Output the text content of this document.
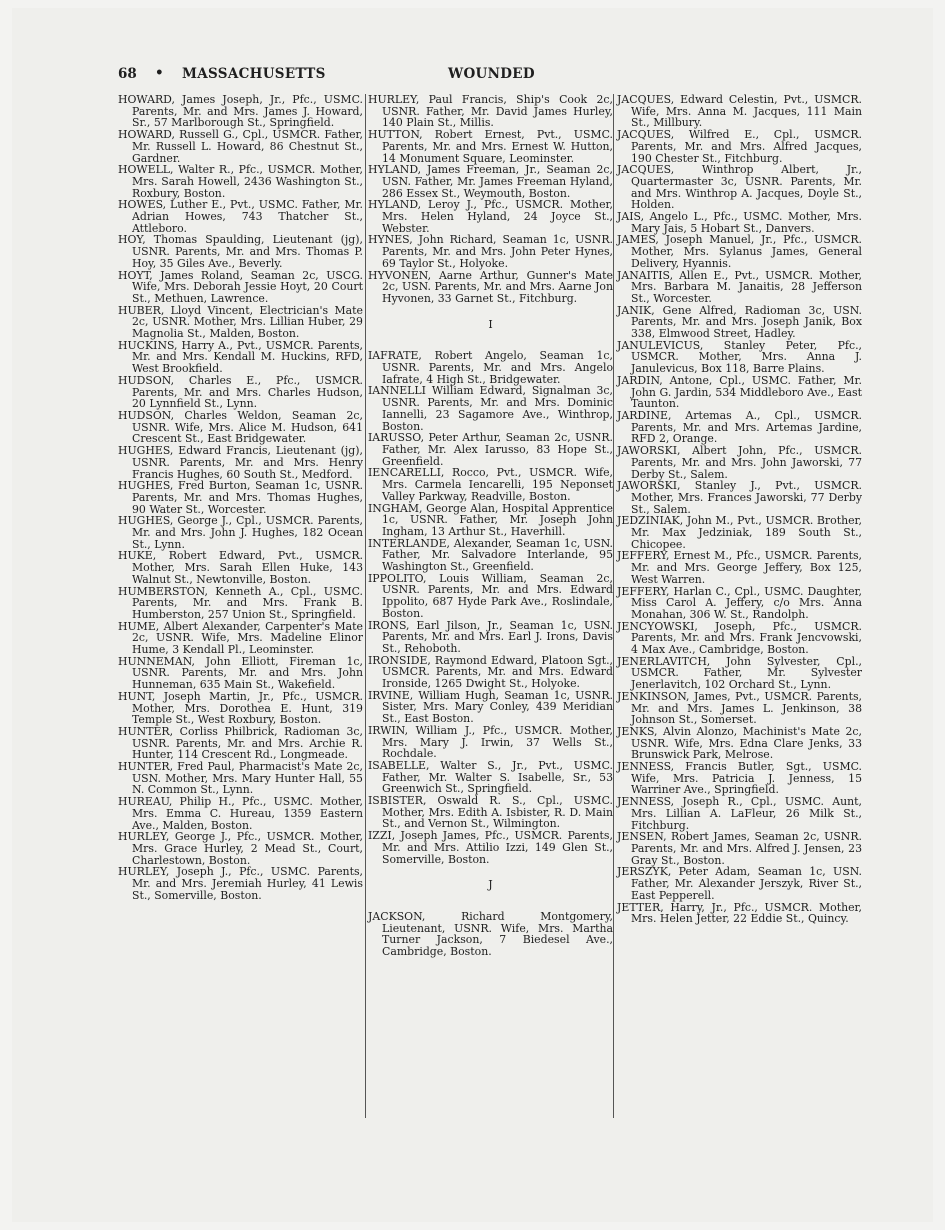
68 • MASSACHUSETTS	WOUNDED

HOWARD, James Joseph, Jr., Pfc., USMC. Parents, Mr. and Mrs. James J. Howard, Sr., 57 Marlborough St., Springfield.

HOWARD, Russell G., Cpl., USMCR. Father, Mr. Russell L. Howard, 86 Chestnut St., Gardner.

HOWELL, Walter R., Pfc., USMCR. Mother, Mrs. Sarah Howell, 2436 Washington St., Roxbury, Boston.

HOWES, Luther E., Pvt., USMC. Father, Mr. Adrian Howes, 743 Thatcher St., Attleboro.

HOY, Thomas Spaulding, Lieutenant (jg), USNR. Parents, Mr. and Mrs. Thomas P. Hoy, 35 Giles Ave., Beverly.

HOYT, James Roland, Seaman 2c, USCG. Wife, Mrs. Deborah Jessie Hoyt, 20 Court St., Methuen, Lawrence.

HUBER, Lloyd Vincent, Electrician's Mate 2c, USNR. Mother, Mrs. Lillian Huber, 29 Magnolia St., Malden, Boston.

HUCKINS, Harry A., Pvt., USMCR. Parents, Mr. and Mrs. Kendall M. Huckins, RFD, West Brookfield.

HUDSON, Charles E., Pfc., USMCR. Parents, Mr. and Mrs. Charles Hudson, 20 Lynnfield St., Lynn.

HUDSON, Charles Weldon, Seaman 2c, USNR. Wife, Mrs. Alice M. Hudson, 641 Crescent St., East Bridgewater.

HUGHES, Edward Francis, Lieutenant (jg), USNR. Parents, Mr. and Mrs. Henry Francis Hughes, 60 South St., Medford.

HUGHES, Fred Burton, Seaman 1c, USNR. Parents, Mr. and Mrs. Thomas Hughes, 90 Water St., Worcester.

HUGHES, George J., Cpl., USMCR. Parents, Mr. and Mrs. John J. Hughes, 182 Ocean St., Lynn.

HUKE, Robert Edward, Pvt., USMCR. Mother, Mrs. Sarah Ellen Huke, 143 Walnut St., Newtonville, Boston.

HUMBERSTON, Kenneth A., Cpl., USMC. Parents, Mr. and Mrs. Frank B. Humberston, 257 Union St., Springfield.

HUME, Albert Alexander, Carpenter's Mate 2c, USNR. Wife, Mrs. Madeline Elinor Hume, 3 Kendall Pl., Leominster.

HUNNEMAN, John Elliott, Fireman 1c, USNR. Parents, Mr. and Mrs. John Hunneman, 635 Main St., Wakefield.

HUNT, Joseph Martin, Jr., Pfc., USMCR. Mother, Mrs. Dorothea E. Hunt, 319 Temple St., West Roxbury, Boston.

HUNTER, Corliss Philbrick, Radioman 3c, USNR. Parents, Mr. and Mrs. Archie R. Hunter, 114 Crescent Rd., Longmeade.

HUNTER, Fred Paul, Pharmacist's Mate 2c, USN. Mother, Mrs. Mary Hunter Hall, 55 N. Common St., Lynn.

HUREAU, Philip H., Pfc., USMC. Mother, Mrs. Emma C. Hureau, 1359 Eastern Ave., Malden, Boston.

HURLEY, George J., Pfc., USMCR. Mother, Mrs. Grace Hurley, 2 Mead St., Court, Charlestown, Boston.

HURLEY, Joseph J., Pfc., USMC. Parents, Mr. and Mrs. Jeremiah Hurley, 41 Lewis St., Somerville, Boston.

HURLEY, Paul Francis, Ship's Cook 2c, USNR. Father, Mr. David James Hurley, 140 Plain St., Millis.

HUTTON, Robert Ernest, Pvt., USMC. Parents, Mr. and Mrs. Ernest W. Hutton, 14 Monument Square, Leominster.

HYLAND, James Freeman, Jr., Seaman 2c, USN. Father, Mr. James Freeman Hyland, 286 Essex St., Weymouth, Boston.

HYLAND, Leroy J., Pfc., USMCR. Mother, Mrs. Helen Hyland, 24 Joyce St., Webster.

HYNES, John Richard, Seaman 1c, USNR. Parents, Mr. and Mrs. John Peter Hynes, 69 Taylor St., Holyoke.

HYVONEN, Aarne Arthur, Gunner's Mate 2c, USN. Parents, Mr. and Mrs. Aarne Jon Hyvonen, 33 Garnet St., Fitchburg.

I

IAFRATE, Robert Angelo, Seaman 1c, USNR. Parents, Mr. and Mrs. Angelo Iafrate, 4 High St., Bridgewater.

IANNELLI William Edward, Signalman 3c, USNR. Parents, Mr. and Mrs. Dominic Iannelli, 23 Sagamore Ave., Winthrop, Boston.

IARUSSO, Peter Arthur, Seaman 2c, USNR. Father, Mr. Alex Iarusso, 83 Hope St., Greenfield.

IENCARELLI, Rocco, Pvt., USMCR. Wife, Mrs. Carmela Iencarelli, 195 Neponset Valley Parkway, Readville, Boston.

INGHAM, George Alan, Hospital Apprentice 1c, USNR. Father, Mr. Joseph John Ingham, 13 Arthur St., Haverhill.

INTERLANDE, Alexander, Seaman 1c, USN. Father, Mr. Salvadore Interlande, 95 Washington St., Greenfield.

IPPOLITO, Louis William, Seaman 2c, USNR. Parents, Mr. and Mrs. Edward Ippolito, 687 Hyde Park Ave., Roslindale, Boston.

IRONS, Earl Jilson, Jr., Seaman 1c, USN. Parents, Mr. and Mrs. Earl J. Irons, Davis St., Rehoboth.

IRONSIDE, Raymond Edward, Platoon Sgt., USMCR. Parents, Mr. and Mrs. Edward Ironside, 1265 Dwight St., Holyoke.

IRVINE, William Hugh, Seaman 1c, USNR. Sister, Mrs. Mary Conley, 439 Meridian St., East Boston.

IRWIN, William J., Pfc., USMCR. Mother, Mrs. Mary J. Irwin, 37 Wells St., Rochdale.

ISABELLE, Walter S., Jr., Pvt., USMC. Father, Mr. Walter S. Isabelle, Sr., 53 Greenwich St., Springfield.

ISBISTER, Oswald R. S., Cpl., USMC. Mother, Mrs. Edith A. Isbister, R. D. Main St., and Vernon St., Wilmington.

IZZI, Joseph James, Pfc., USMCR. Parents, Mr. and Mrs. Attilio Izzi, 149 Glen St., Somerville, Boston.

J

JACKSON, Richard Montgomery, Lieutenant, USNR. Wife, Mrs. Martha Turner Jackson, 7 Biedesel Ave., Cambridge, Boston.

JACQUES, Edward Celestin, Pvt., USMCR. Wife, Mrs. Anna M. Jacques, 111 Main St., Millbury.

JACQUES, Wilfred E., Cpl., USMCR. Parents, Mr. and Mrs. Alfred Jacques, 190 Chester St., Fitchburg.

JACQUES, Winthrop Albert, Jr., Quartermaster 3c, USNR. Parents, Mr. and Mrs. Winthrop A. Jacques, Doyle St., Holden.

JAIS, Angelo L., Pfc., USMC. Mother, Mrs. Mary Jais, 5 Hobart St., Danvers.

JAMES, Joseph Manuel, Jr., Pfc., USMCR. Mother, Mrs. Sylanus James, General Delivery, Hyannis.

JANAITIS, Allen E., Pvt., USMCR. Mother, Mrs. Barbara M. Janaitis, 28 Jefferson St., Worcester.

JANIK, Gene Alfred, Radioman 3c, USN. Parents, Mr. and Mrs. Joseph Janik, Box 338, Elmwood Street, Hadley.

JANULEVICUS, Stanley Peter, Pfc., USMCR. Mother, Mrs. Anna J. Janulevicus, Box 118, Barre Plains.

JARDIN, Antone, Cpl., USMC. Father, Mr. John G. Jardin, 534 Middleboro Ave., East Taunton.

JARDINE, Artemas A., Cpl., USMCR. Parents, Mr. and Mrs. Artemas Jardine, RFD 2, Orange.

JAWORSKI, Albert John, Pfc., USMCR. Parents, Mr. and Mrs. John Jaworski, 77 Derby St., Salem.

JAWORSKI, Stanley J., Pvt., USMCR. Mother, Mrs. Frances Jaworski, 77 Derby St., Salem.

JEDZINIAK, John M., Pvt., USMCR. Brother, Mr. Max Jedziniak, 189 South St., Chicopee.

JEFFERY, Ernest M., Pfc., USMCR. Parents, Mr. and Mrs. George Jeffery, Box 125, West Warren.

JEFFERY, Harlan C., Cpl., USMC. Daughter, Miss Carol A. Jeffery, c/o Mrs. Anna Monahan, 306 W. St., Randolph.

JENCYOWSKI, Joseph, Pfc., USMCR. Parents, Mr. and Mrs. Frank Jencvowski, 4 Max Ave., Cambridge, Boston.

JENERLAVITCH, John Sylvester, Cpl., USMCR. Father, Mr. Sylvester Jenerlavitch, 102 Orchard St., Lynn.

JENKINSON, James, Pvt., USMCR. Parents, Mr. and Mrs. James L. Jenkinson, 38 Johnson St., Somerset.

JENKS, Alvin Alonzo, Machinist's Mate 2c, USNR. Wife, Mrs. Edna Clare Jenks, 33 Brunswick Park, Melrose.

JENNESS, Francis Butler, Sgt., USMC. Wife, Mrs. Patricia J. Jenness, 15 Warriner Ave., Springfield.

JENNESS, Joseph R., Cpl., USMC. Aunt, Mrs. Lillian A. LaFleur, 26 Milk St., Fitchburg.

JENSEN, Robert James, Seaman 2c, USNR. Parents, Mr. and Mrs. Alfred J. Jensen, 23 Gray St., Boston.

JERSZYK, Peter Adam, Seaman 1c, USN. Father, Mr. Alexander Jerszyk, River St., East Pepperell.

JETTER, Harry, Jr., Pfc., USMCR. Mother, Mrs. Helen Jetter, 22 Eddie St., Quincy.
